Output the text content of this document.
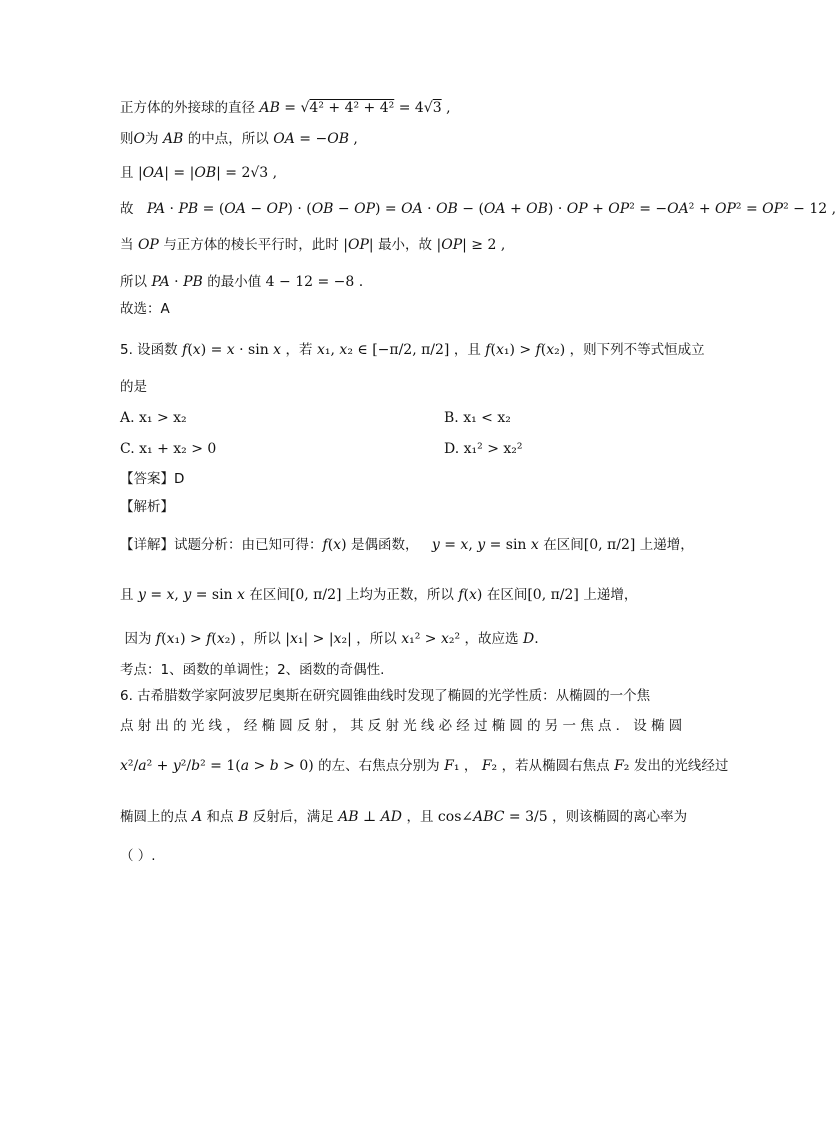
正方体的外接球的直径 AB = √4² + 4² + 4² = 4√3 ,
则O为 AB 的中点，所以 OA = −OB ,
且 |OA| = |OB| = 2√3 ,
故 PA · PB = (OA − OP) · (OB − OP) = OA · OB − (OA + OB) · OP + OP² = −OA² + OP² = OP² − 12 ,
当 OP 与正方体的棱长平行时，此时 |OP| 最小，故 |OP| ≥ 2 ,
所以 PA · PB 的最小值 4 − 12 = −8 .
故选：A
5. 设函数 f(x) = x · sin x ，若 x₁, x₂ ∈ [−π/2, π/2] ，且 f(x₁) > f(x₂) ，则下列不等式恒成立
的是
A. x₁ > x₂	B. x₁ < x₂
C. x₁ + x₂ > 0	D. x₁² > x₂²
【答案】D
【解析】
【详解】试题分析：由已知可得：f(x) 是偶函数， y = x, y = sin x 在区间[0, π/2] 上递增，
且 y = x, y = sin x 在区间[0, π/2] 上均为正数，所以 f(x) 在区间[0, π/2] 上递增，
因为 f(x₁) > f(x₂) ，所以 |x₁| > |x₂| ，所以 x₁² > x₂² ，故应选 D.
考点：1、函数的单调性；2、函数的奇偶性.
6. 古希腊数学家阿波罗尼奥斯在研究圆锥曲线时发现了椭圆的光学性质：从椭圆的一个焦
点射出的光线，经椭圆反射，其反射光线必经过椭圆的另一焦点．设椭圆
x²/a² + y²/b² = 1(a > b > 0) 的左、右焦点分别为 F₁ ， F₂ ，若从椭圆右焦点 F₂ 发出的光线经过
椭圆上的点 A 和点 B 反射后，满足 AB ⊥ AD ，且 cos∠ABC = 3/5 ，则该椭圆的离心率为
（ ）.
